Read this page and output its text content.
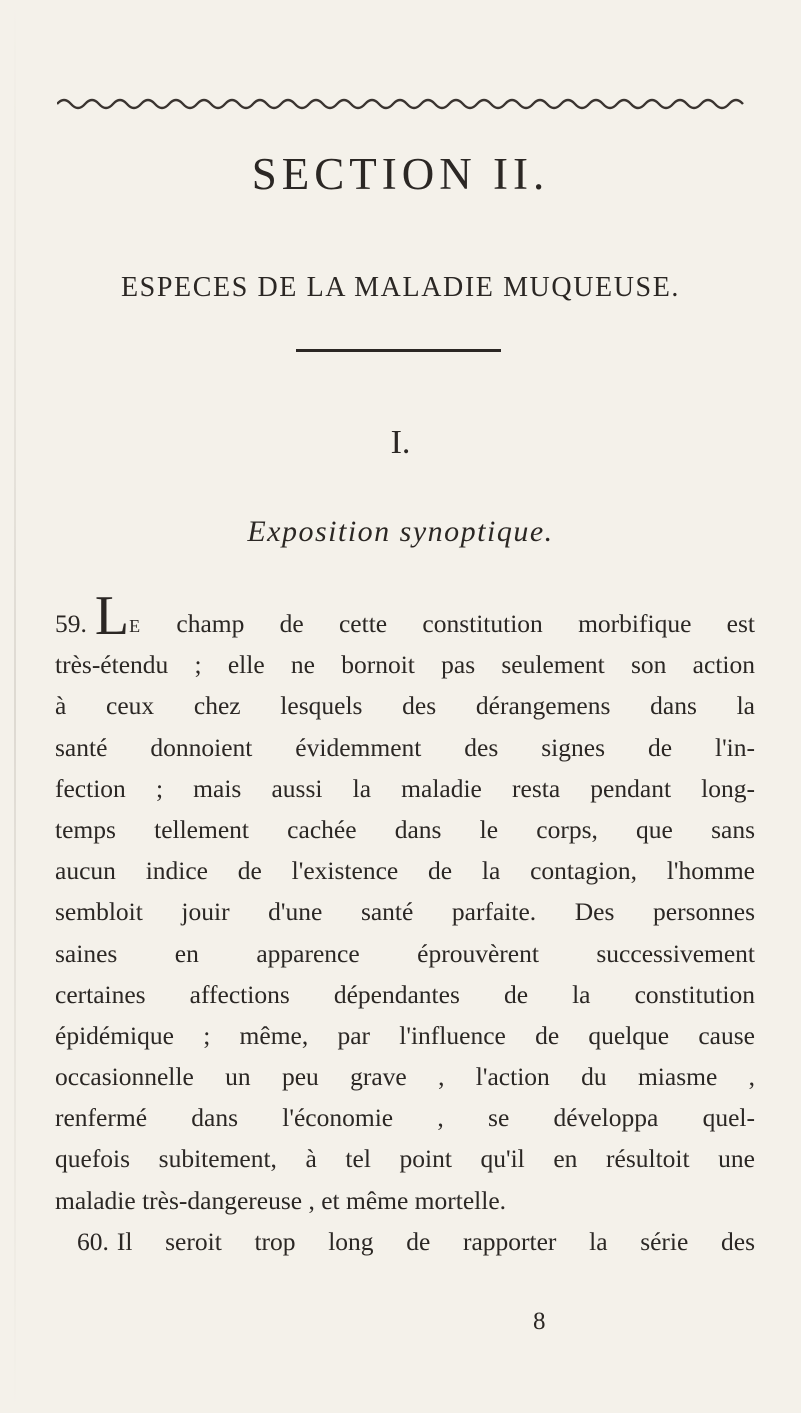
SECTION II.
ESPECES DE LA MALADIE MUQUEUSE.
I.
Exposition synoptique.
59. LE champ de cette constitution morbifique est
très-étendu ; elle ne bornoit pas seulement son action
à ceux chez lesquels des dérangemens dans la
santé donnoient évidemment des signes de l'in-
fection ; mais aussi la maladie resta pendant long-
temps tellement cachée dans le corps, que sans
aucun indice de l'existence de la contagion, l'homme
sembloit jouir d'une santé parfaite. Des personnes
saines en apparence éprouvèrent successivement
certaines affections dépendantes de la constitution
épidémique ; même, par l'influence de quelque cause
occasionnelle un peu grave , l'action du miasme ,
renfermé dans l'économie , se développa quel-
quefois subitement, à tel point qu'il en résultoit une
maladie très-dangereuse , et même mortelle.
60. Il seroit trop long de rapporter la série des
8
